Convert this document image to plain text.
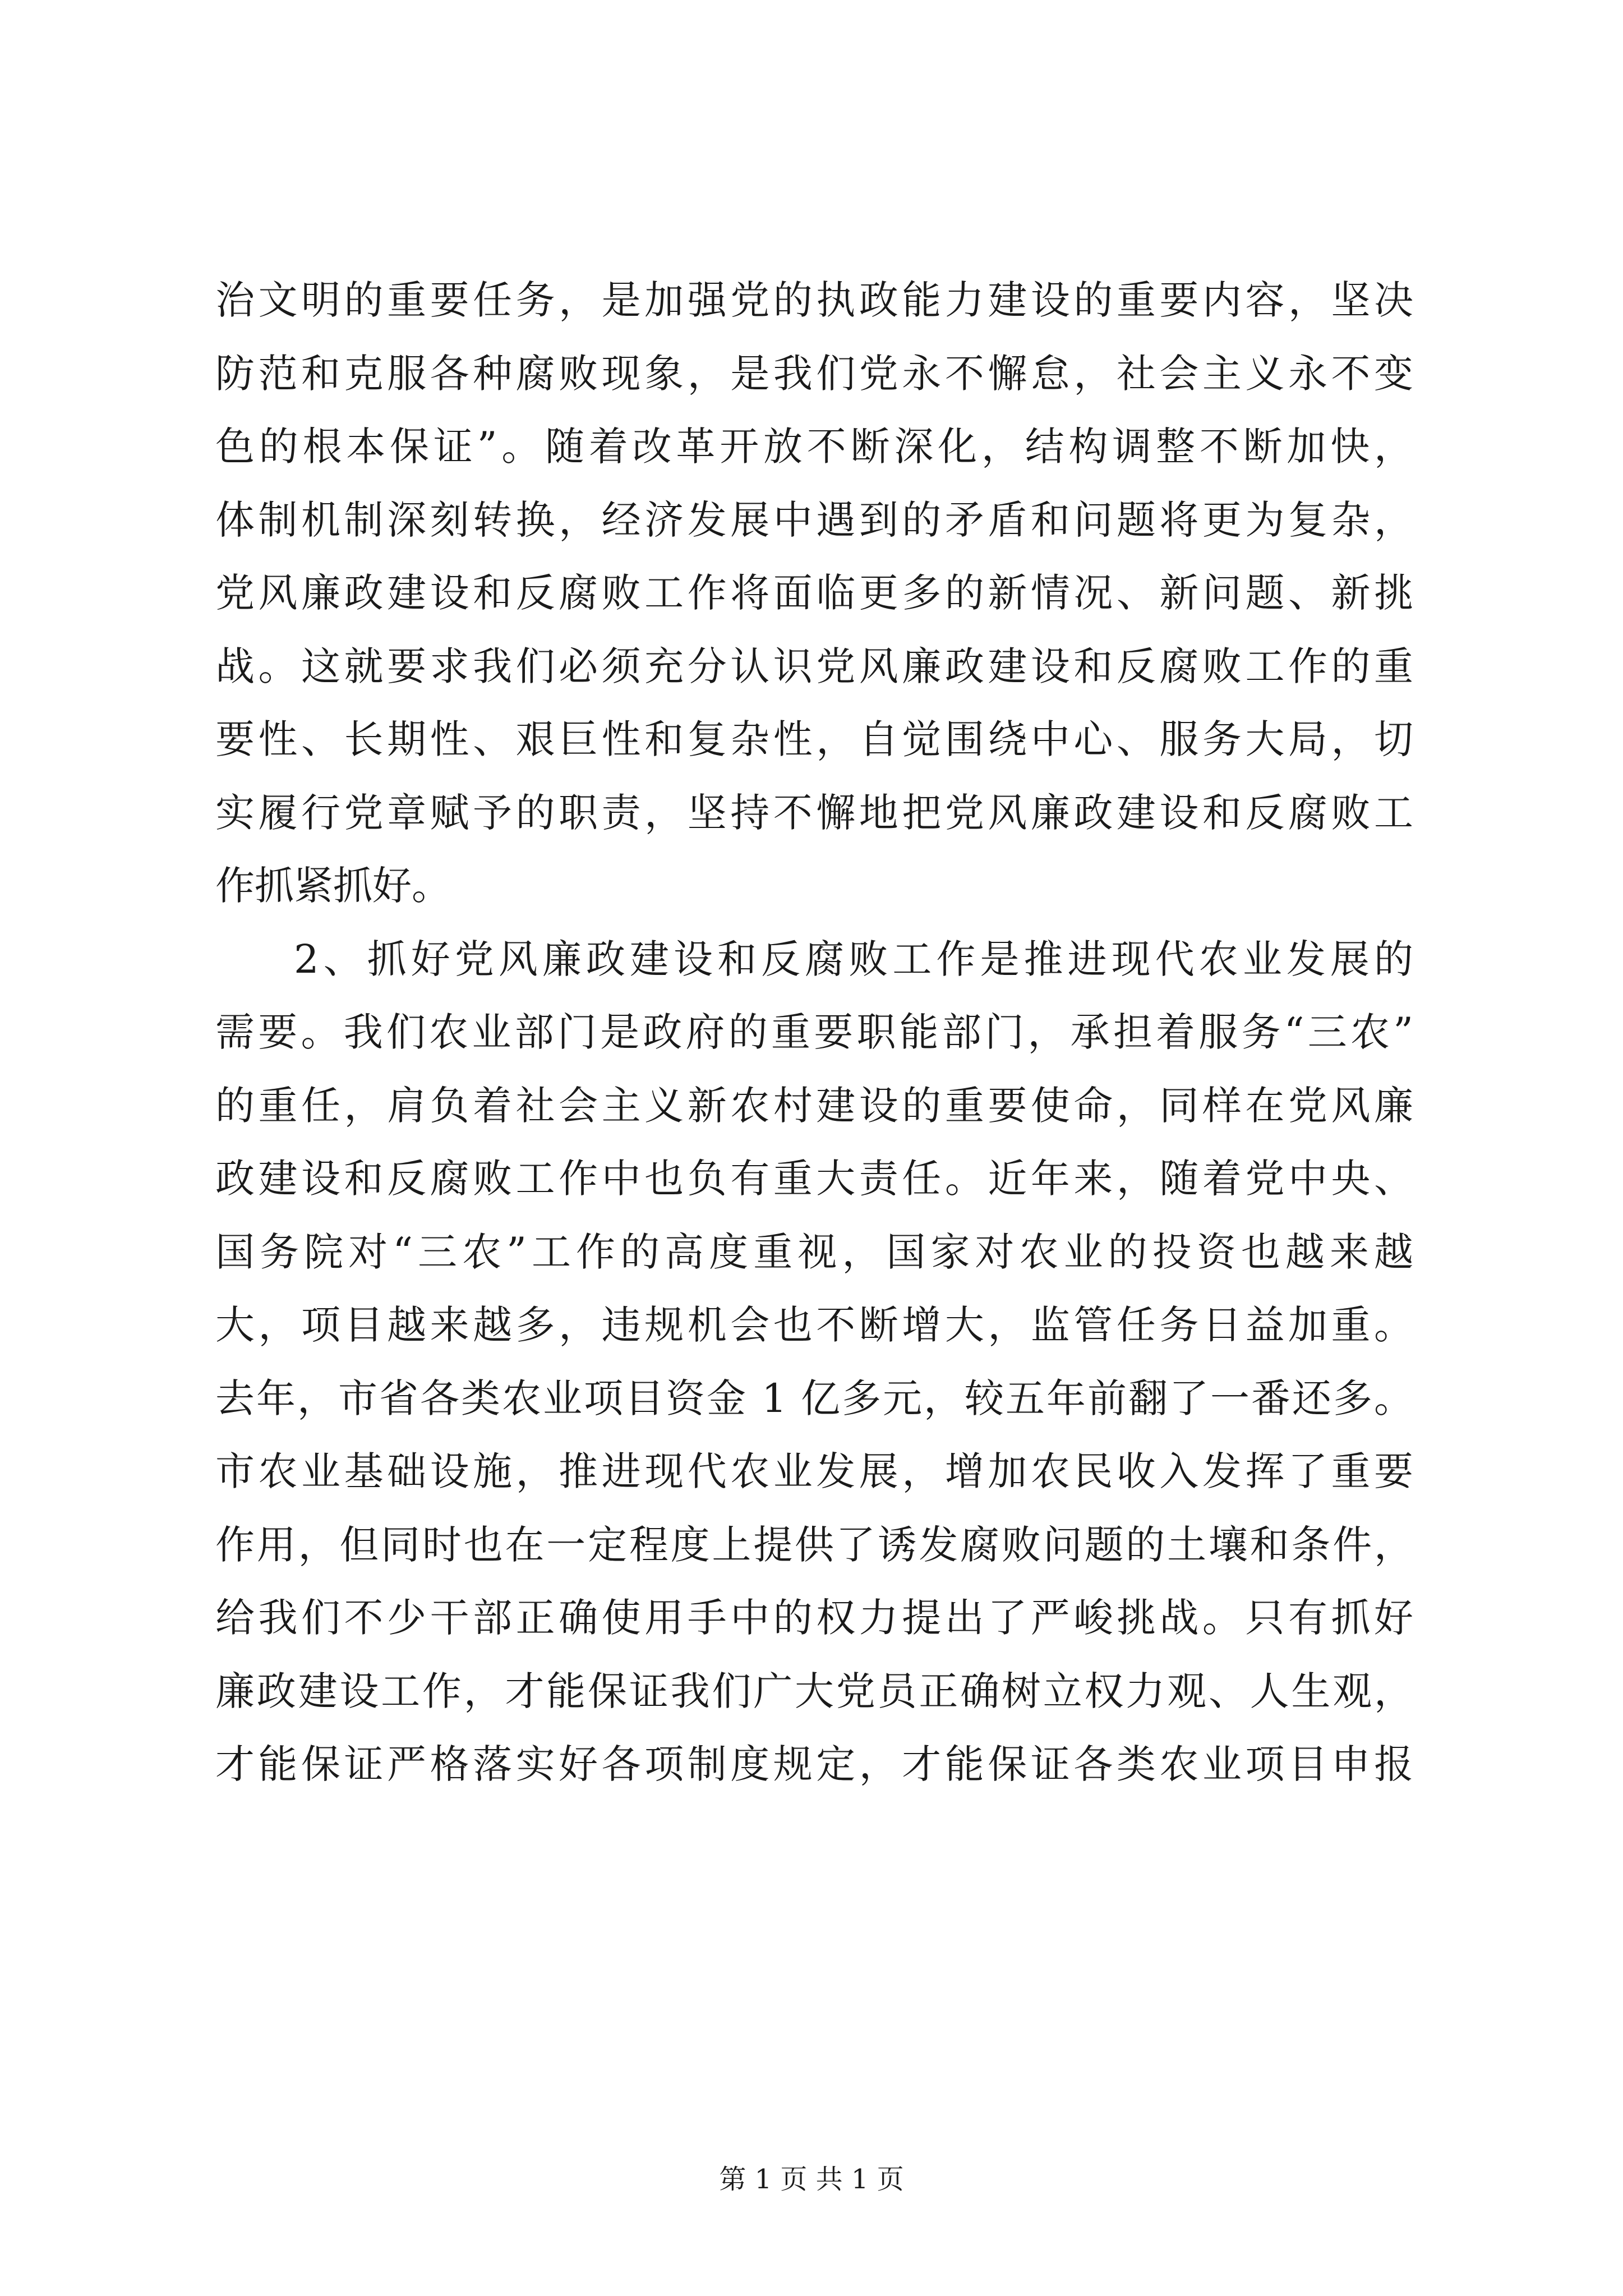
治文明的重要任务，是加强党的执政能力建设的重要内容，坚决
防范和克服各种腐败现象，是我们党永不懈怠，社会主义永不变
色的根本保证”。随着改革开放不断深化，结构调整不断加快，
体制机制深刻转换，经济发展中遇到的矛盾和问题将更为复杂，
党风廉政建设和反腐败工作将面临更多的新情况、新问题、新挑
战。这就要求我们必须充分认识党风廉政建设和反腐败工作的重
要性、长期性、艰巨性和复杂性，自觉围绕中心、服务大局，切
实履行党章赋予的职责，坚持不懈地把党风廉政建设和反腐败工
作抓紧抓好。
2、抓好党风廉政建设和反腐败工作是推进现代农业发展的
需要。我们农业部门是政府的重要职能部门，承担着服务“三农”
的重任，肩负着社会主义新农村建设的重要使命，同样在党风廉
政建设和反腐败工作中也负有重大责任。近年来，随着党中央、
国务院对“三农”工作的高度重视，国家对农业的投资也越来越
大，项目越来越多，违规机会也不断增大，监管任务日益加重。
去年，市省各类农业项目资金 1 亿多元，较五年前翻了一番还多。
市农业基础设施，推进现代农业发展，增加农民收入发挥了重要
作用，但同时也在一定程度上提供了诱发腐败问题的土壤和条件，
给我们不少干部正确使用手中的权力提出了严峻挑战。只有抓好
廉政建设工作，才能保证我们广大党员正确树立权力观、人生观，
才能保证严格落实好各项制度规定，才能保证各类农业项目申报
第 1 页 共 1 页
